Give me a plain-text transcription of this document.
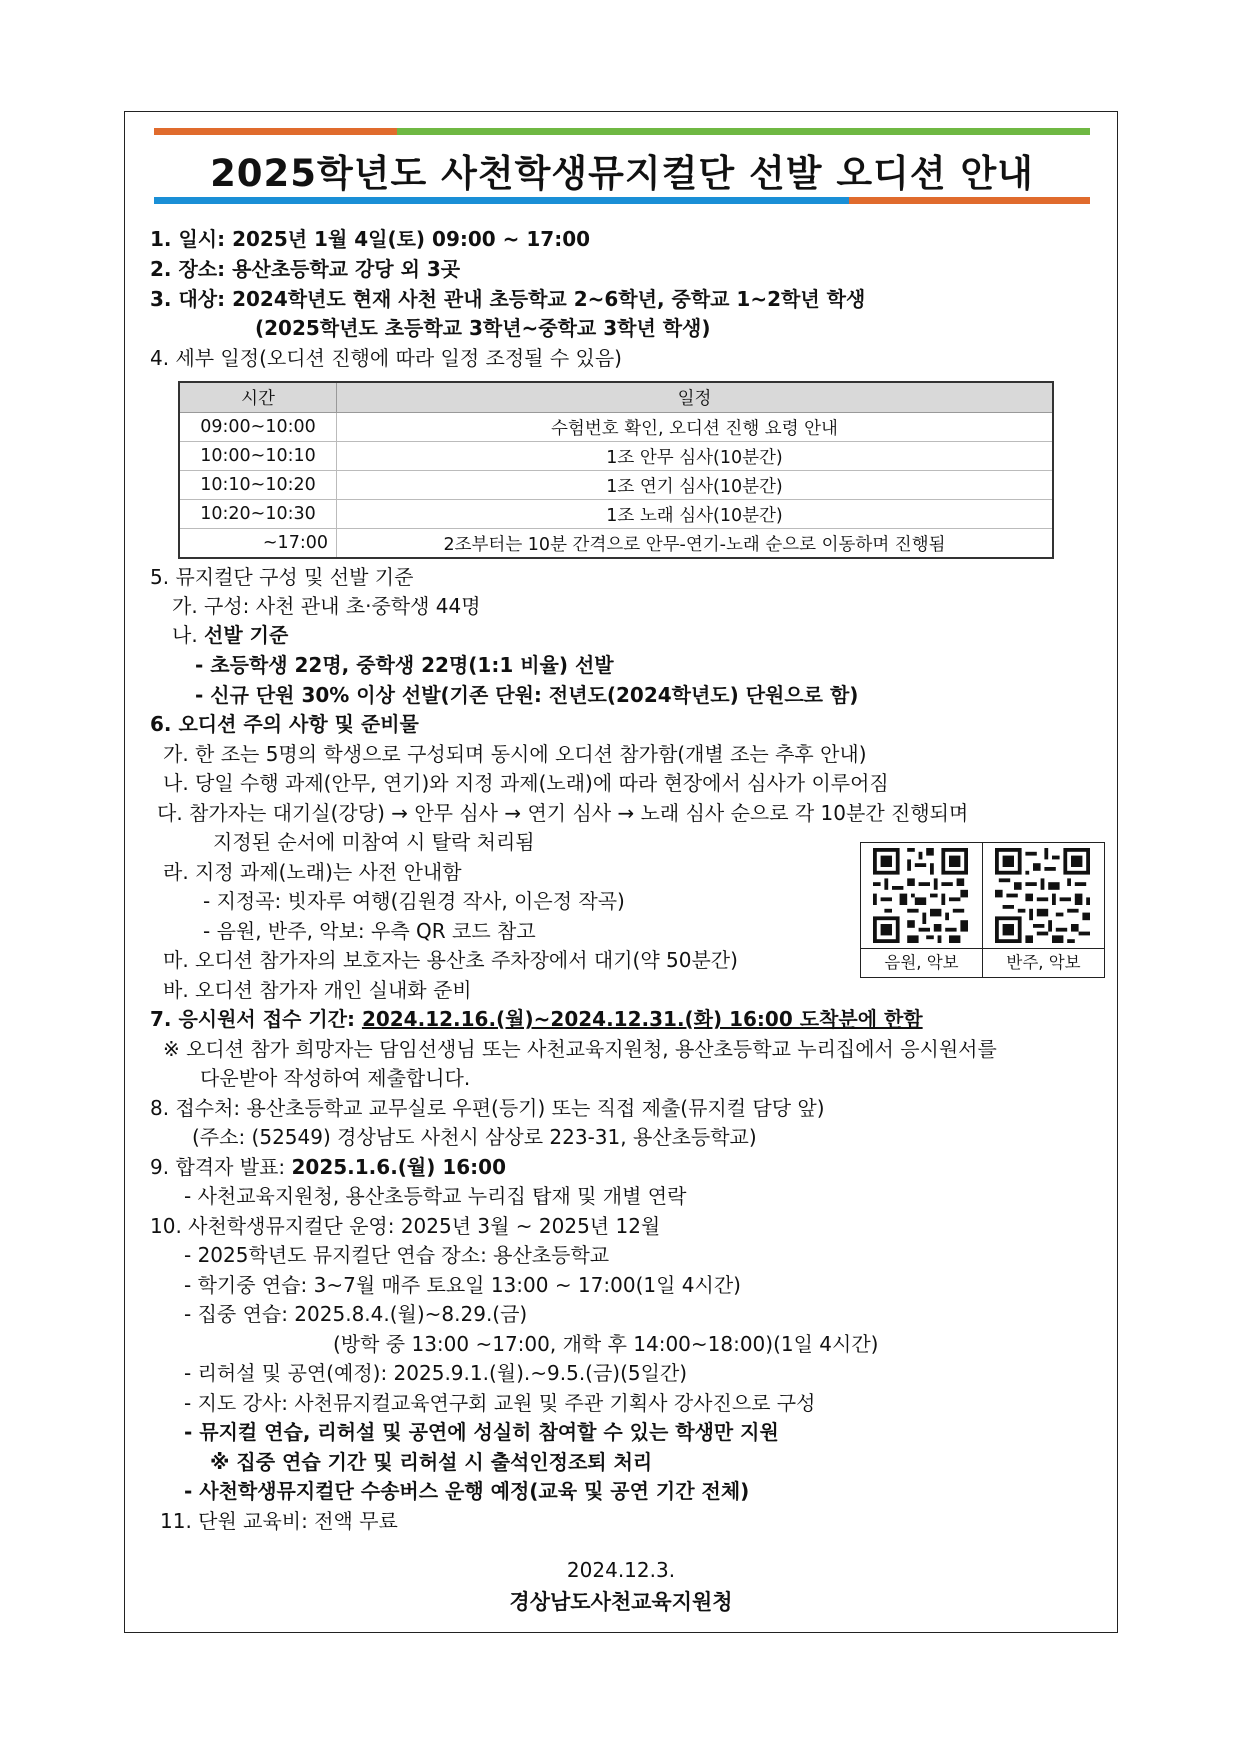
2025학년도 사천학생뮤지컬단 선발 오디션 안내
1. 일시: 2025년 1월 4일(토) 09:00 ~ 17:00
2. 장소: 용산초등학교 강당 외 3곳
3. 대상: 2024학년도 현재 사천 관내 초등학교 2~6학년, 중학교 1~2학년 학생
(2025학년도 초등학교 3학년~중학교 3학년 학생)
4. 세부 일정(오디션 진행에 따라 일정 조정될 수 있음)
시간	일정
09:00~10:00	수험번호 확인, 오디션 진행 요령 안내
10:00~10:10	1조 안무 심사(10분간)
10:10~10:20	1조 연기 심사(10분간)
10:20~10:30	1조 노래 심사(10분간)
~17:00	2조부터는 10분 간격으로 안무-연기-노래 순으로 이동하며 진행됨
5. 뮤지컬단 구성 및 선발 기준
가. 구성: 사천 관내 초·중학생 44명
나. 선발 기준
- 초등학생 22명, 중학생 22명(1:1 비율) 선발
- 신규 단원 30% 이상 선발(기존 단원: 전년도(2024학년도) 단원으로 함)
6. 오디션 주의 사항 및 준비물
가. 한 조는 5명의 학생으로 구성되며 동시에 오디션 참가함(개별 조는 추후 안내)
나. 당일 수행 과제(안무, 연기)와 지정 과제(노래)에 따라 현장에서 심사가 이루어짐
다. 참가자는 대기실(강당) → 안무 심사 → 연기 심사 → 노래 심사 순으로 각 10분간 진행되며
지정된 순서에 미참여 시 탈락 처리됨
라. 지정 과제(노래)는 사전 안내함
- 지정곡: 빗자루 여행(김원경 작사, 이은정 작곡)
- 음원, 반주, 악보: 우측 QR 코드 참고
마. 오디션 참가자의 보호자는 용산초 주차장에서 대기(약 50분간)
바. 오디션 참가자 개인 실내화 준비
음원, 악보	반주, 악보
7. 응시원서 접수 기간: 2024.12.16.(월)~2024.12.31.(화) 16:00 도착분에 한함
※ 오디션 참가 희망자는 담임선생님 또는 사천교육지원청, 용산초등학교 누리집에서 응시원서를
다운받아 작성하여 제출합니다.
8. 접수처: 용산초등학교 교무실로 우편(등기) 또는 직접 제출(뮤지컬 담당 앞)
(주소: (52549) 경상남도 사천시 삼상로 223-31, 용산초등학교)
9. 합격자 발표: 2025.1.6.(월) 16:00
- 사천교육지원청, 용산초등학교 누리집 탑재 및 개별 연락
10. 사천학생뮤지컬단 운영: 2025년 3월 ~ 2025년 12월
- 2025학년도 뮤지컬단 연습 장소: 용산초등학교
- 학기중 연습: 3~7월 매주 토요일 13:00 ~ 17:00(1일 4시간)
- 집중 연습: 2025.8.4.(월)~8.29.(금)
(방학 중 13:00 ~17:00, 개학 후 14:00~18:00)(1일 4시간)
- 리허설 및 공연(예정): 2025.9.1.(월).~9.5.(금)(5일간)
- 지도 강사: 사천뮤지컬교육연구회 교원 및 주관 기획사 강사진으로 구성
- 뮤지컬 연습, 리허설 및 공연에 성실히 참여할 수 있는 학생만 지원
※ 집중 연습 기간 및 리허설 시 출석인정조퇴 처리
- 사천학생뮤지컬단 수송버스 운행 예정(교육 및 공연 기간 전체)
11. 단원 교육비: 전액 무료
2024.12.3.
경상남도사천교육지원청
